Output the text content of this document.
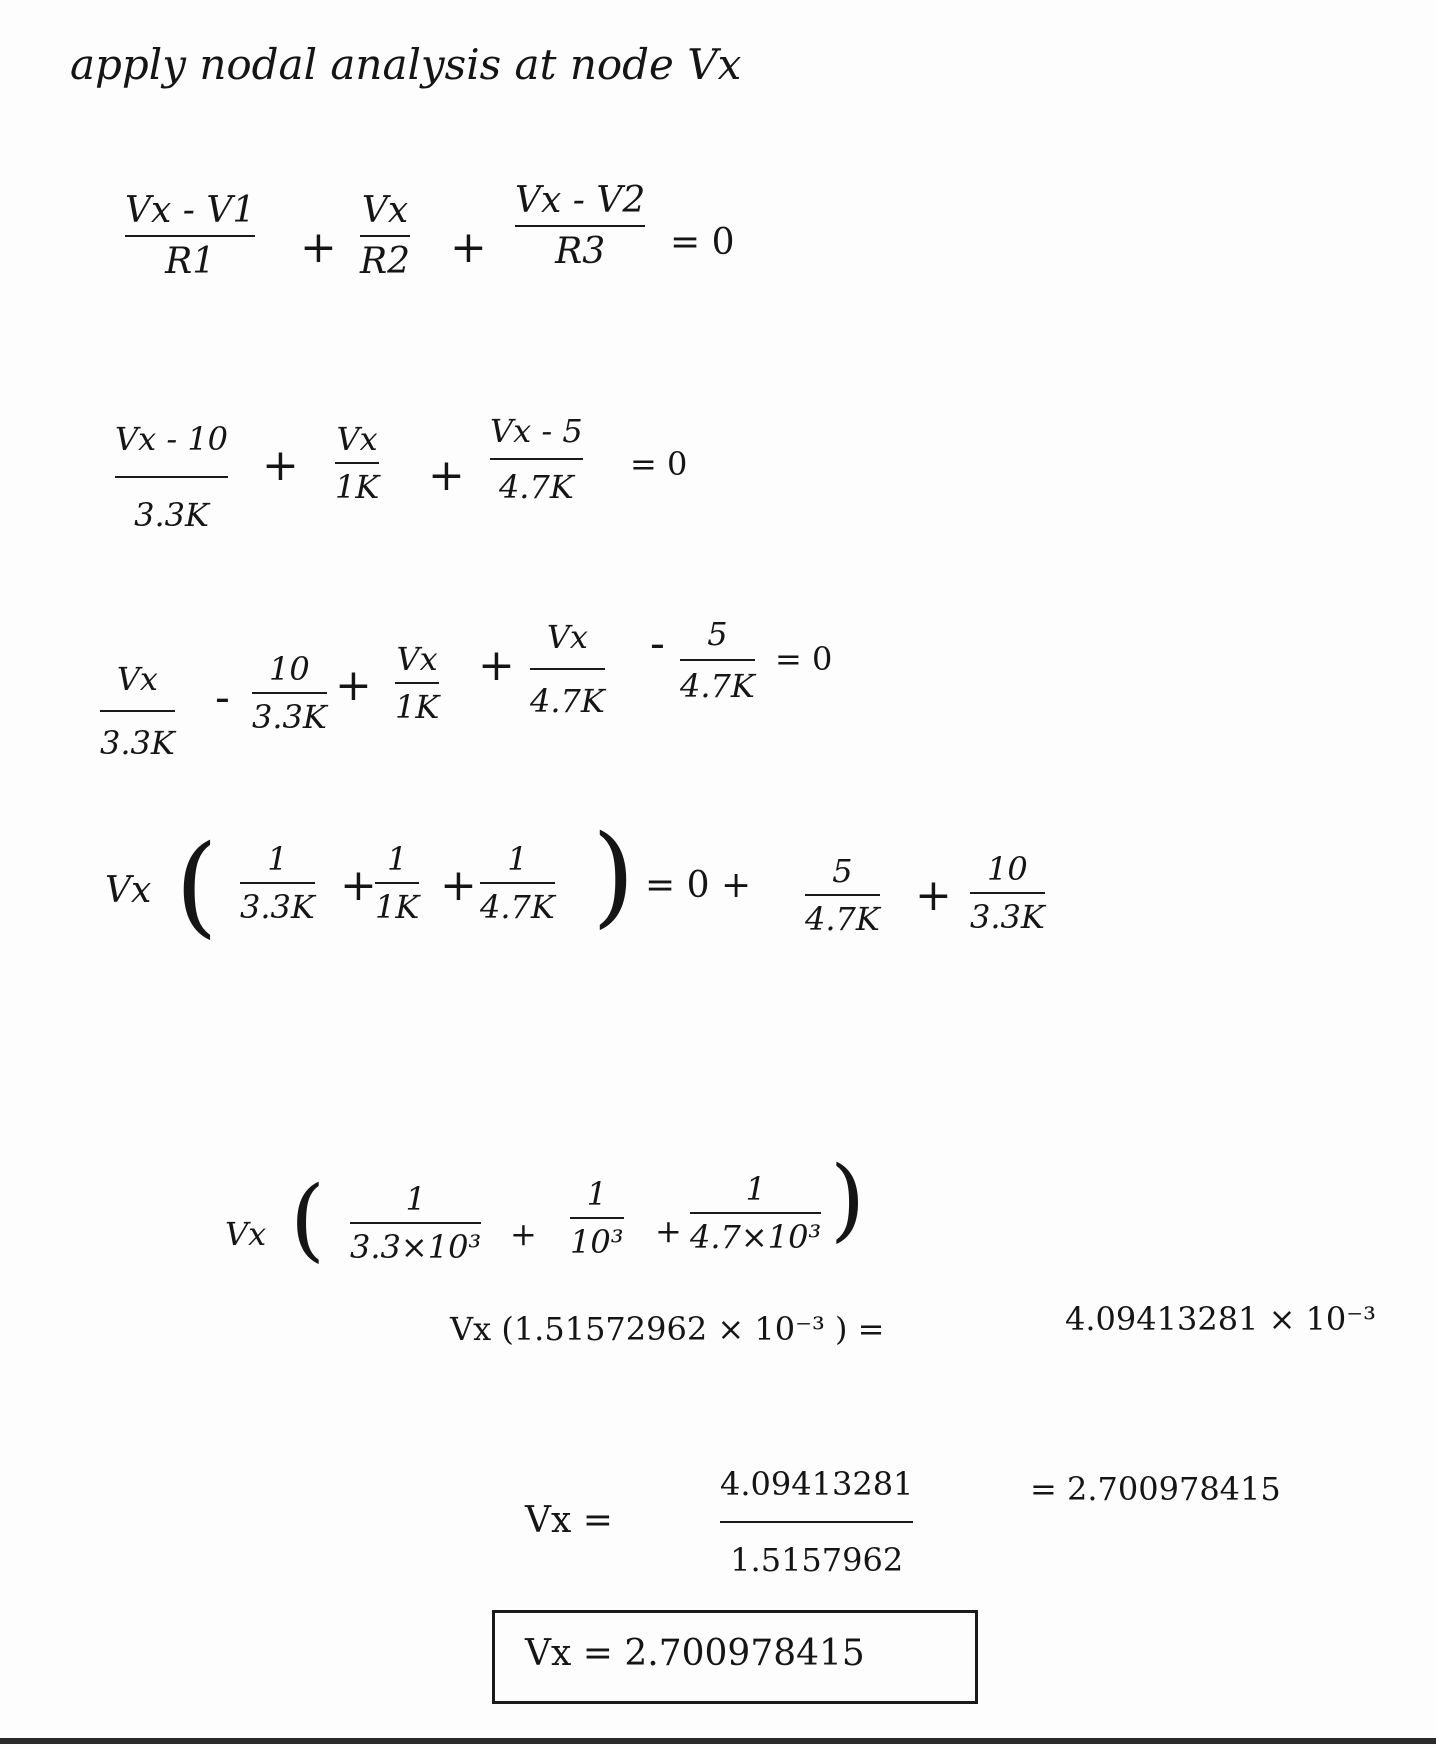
apply nodal analysis at node Vx
Vx - V1
R1 +
Vx
R2 +
Vx - V2
R3 = 0
Vx - 10
3.3K
+
Vx
1K +
Vx - 5
4.7K
= 0
Vx
3.3K
-
10
3.3K
+
Vx
1K
+
Vx
4.7K
- 5
4.7K
= 0
Vx ( 1
3.3K +
1
1K +
1
4.7K ) = 0 +	5
4.7K +
10
3.3K
Vx (	1
3.3×10³ +
1
10³ +
1
4.7×10³ )
Vx (1.51572962 × 10⁻³ ) =	4.09413281 × 10⁻³
Vx =
4.09413281
1.5157962
= 2.700978415
Vx = 2.700978415
